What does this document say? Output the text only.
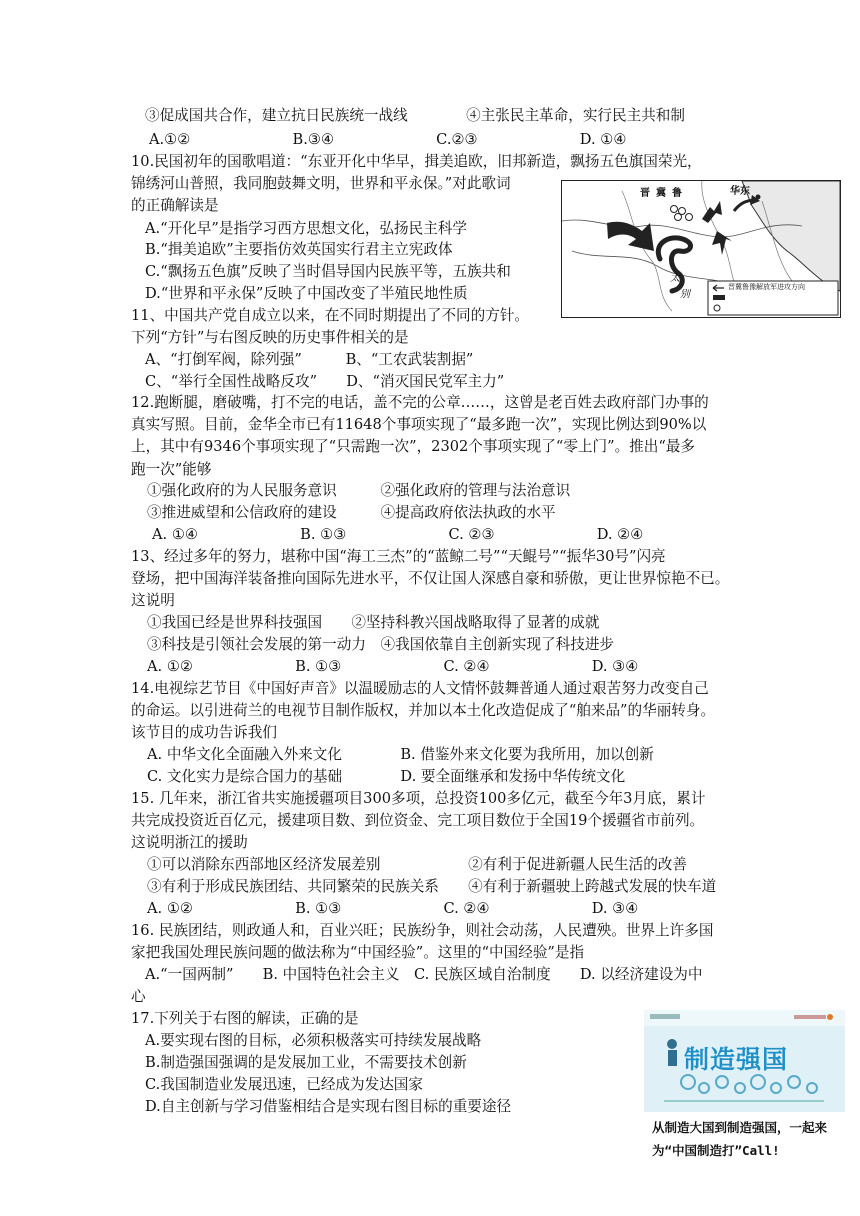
③促成国共合作，建立抗日民族统一战线　　　　④主张民主革命，实行民主共和制
A.①②　　　　　　　B.③④　　　　　　　C.②③　　　　　　　D. ①④
10.民国初年的国歌唱道：“东亚开化中华早，揖美追欧，旧邦新造，飘扬五色旗国荣光，
锦绣河山普照，我同胞鼓舞文明，世界和平永保。”对此歌词
的正确解读是
A.“开化早”是指学习西方思想文化，弘扬民主科学
B.“揖美追欧”主要指仿效英国实行君主立宪政体
C.“飘扬五色旗”反映了当时倡导国内民族平等，五族共和
D.“世界和平永保”反映了中国改变了半殖民地性质
11、中国共产党自成立以来，在不同时期提出了不同的方针。
下列“方针”与右图反映的历史事件相关的是
A、“打倒军阀，除列强”　　　B、“工农武装割据”
C、“举行全国性战略反攻”　　D、“消灭国民党军主力”
12.跑断腿，磨破嘴，打不完的电话，盖不完的公章……，这曾是老百姓去政府部门办事的
真实写照。目前，金华全市已有11648个事项实现了“最多跑一次”，实现比例达到90%以
上，其中有9346个事项实现了“只需跑一次”，2302个事项实现了“零上门”。推出“最多
跑一次”能够
①强化政府的为人民服务意识　　　②强化政府的管理与法治意识
③推进威望和公信政府的建设　　　④提高政府依法执政的水平
A. ①④　　　　　　　B. ①③　　　　　　　C. ②③　　　　　　　D. ②④
13、经过多年的努力，堪称中国“海工三杰”的“蓝鲸二号”“天鲲号”“振华30号”闪亮
登场，把中国海洋装备推向国际先进水平，不仅让国人深感自豪和骄傲，更让世界惊艳不已。
这说明
①我国已经是世界科技强国　　②坚持科教兴国战略取得了显著的成就
③科技是引领社会发展的第一动力　④我国依靠自主创新实现了科技进步
A. ①②　　　　　　　B. ①③　　　　　　　C. ②④　　　　　　　D. ③④
14.电视综艺节目《中国好声音》以温暖励志的人文情怀鼓舞普通人通过艰苦努力改变自己
的命运。以引进荷兰的电视节目制作版权，并加以本土化改造促成了“舶来品”的华丽转身。
该节目的成功告诉我们
A. 中华文化全面融入外来文化　　　　B. 借鉴外来文化要为我所用，加以创新
C. 文化实力是综合国力的基础　　　　D. 要全面继承和发扬中华传统文化
15. 几年来，浙江省共实施援疆项目300多项，总投资100多亿元，截至今年3月底，累计
共完成投资近百亿元，援建项目数、到位资金、完工项目数位于全国19个援疆省市前列。
这说明浙江的援助
①可以消除东西部地区经济发展差别　　　　　　②有利于促进新疆人民生活的改善
③有利于形成民族团结、共同繁荣的民族关系　　④有利于新疆驶上跨越式发展的快车道
A. ①②　　　　　　　B. ①③　　　　　　　C. ②④　　　　　　　D. ③④
16. 民族团结，则政通人和，百业兴旺；民族纷争，则社会动荡，人民遭殃。世界上许多国
家把我国处理民族问题的做法称为“中国经验”。这里的“中国经验”是指
A.“一国两制”　　B. 中国特色社会主义　C. 民族区域自治制度　　D. 以经济建设为中
心
17.下列关于右图的解读，正确的是
A.要实现右图的目标，必须积极落实可持续发展战略
B.制造强国强调的是发展加工业，不需要技术创新
C.我国制造业发展迅速，已经成为发达国家
D.自主创新与学习借鉴相结合是实现右图目标的重要途径
晋 冀 鲁	华东
太
别
晋冀鲁豫解放军进攻方向
制造强国
从制造大国到制造强国，一起来
为“中国制造打”Call!
